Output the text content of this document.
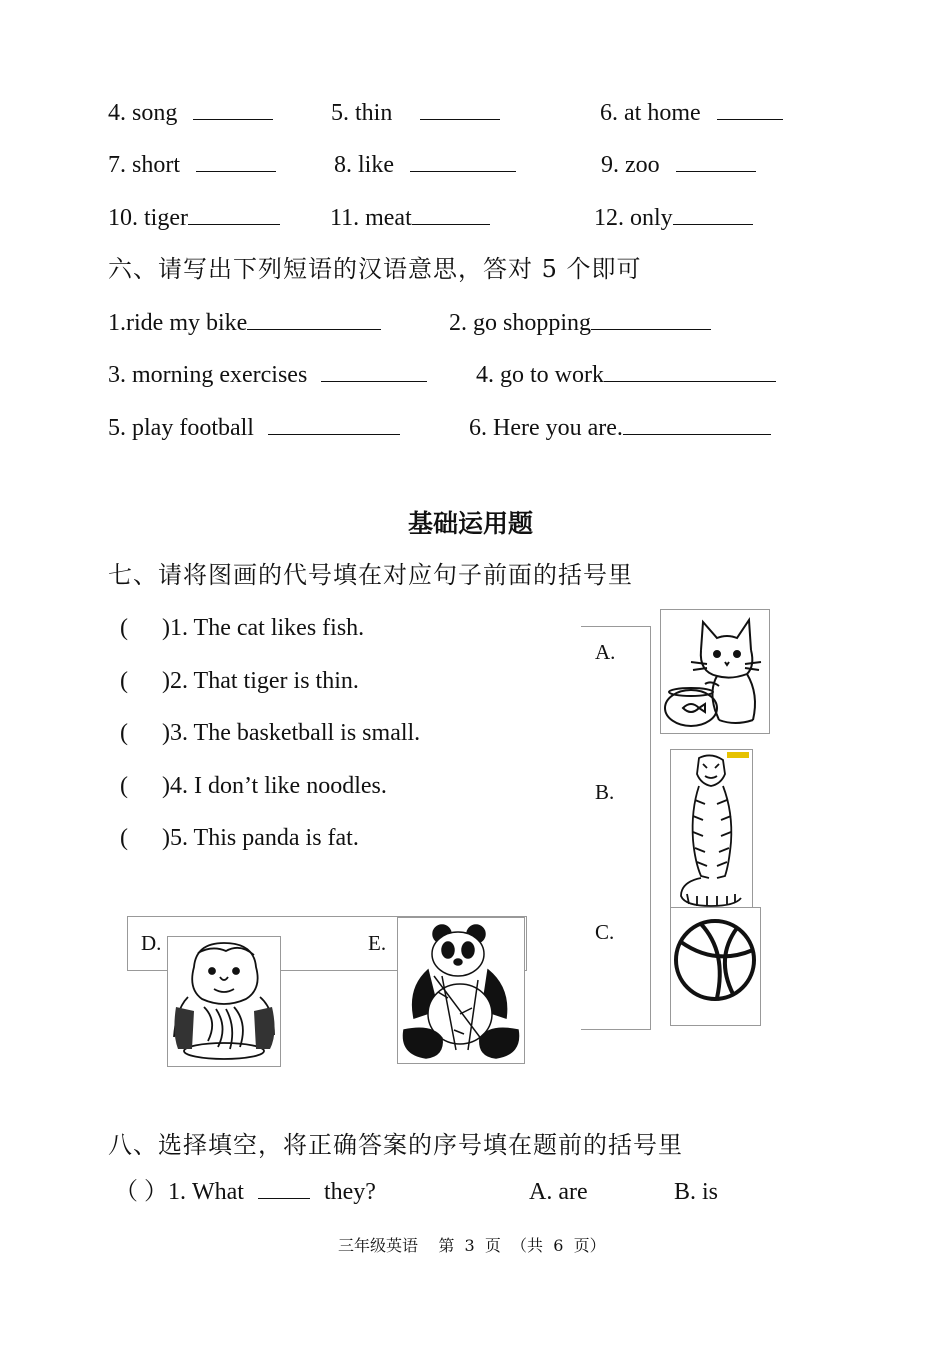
4. song	5. thin	6. at home
7. short	8. like	9. zoo
10. tiger	11. meat	12. only
六、请写出下列短语的汉语意思，答对 5 个即可
1.ride my bike	2. go shopping
3. morning exercises	4. go to work
5. play football	6. Here you are.
基础运用题
七、请将图画的代号填在对应句子前面的括号里
( )1. The cat likes fish.
( )2. That tiger is thin.
( )3. The basketball is small.
( )4. I don’t like noodles.
( )5. This panda is fat.
A.
B.
C.
D.	E.
八、选择填空，将正确答案的序号填在题前的括号里
（ ）1. What	they?	A. are	B. is
三年级英语    第  3  页  （共  6  页）
